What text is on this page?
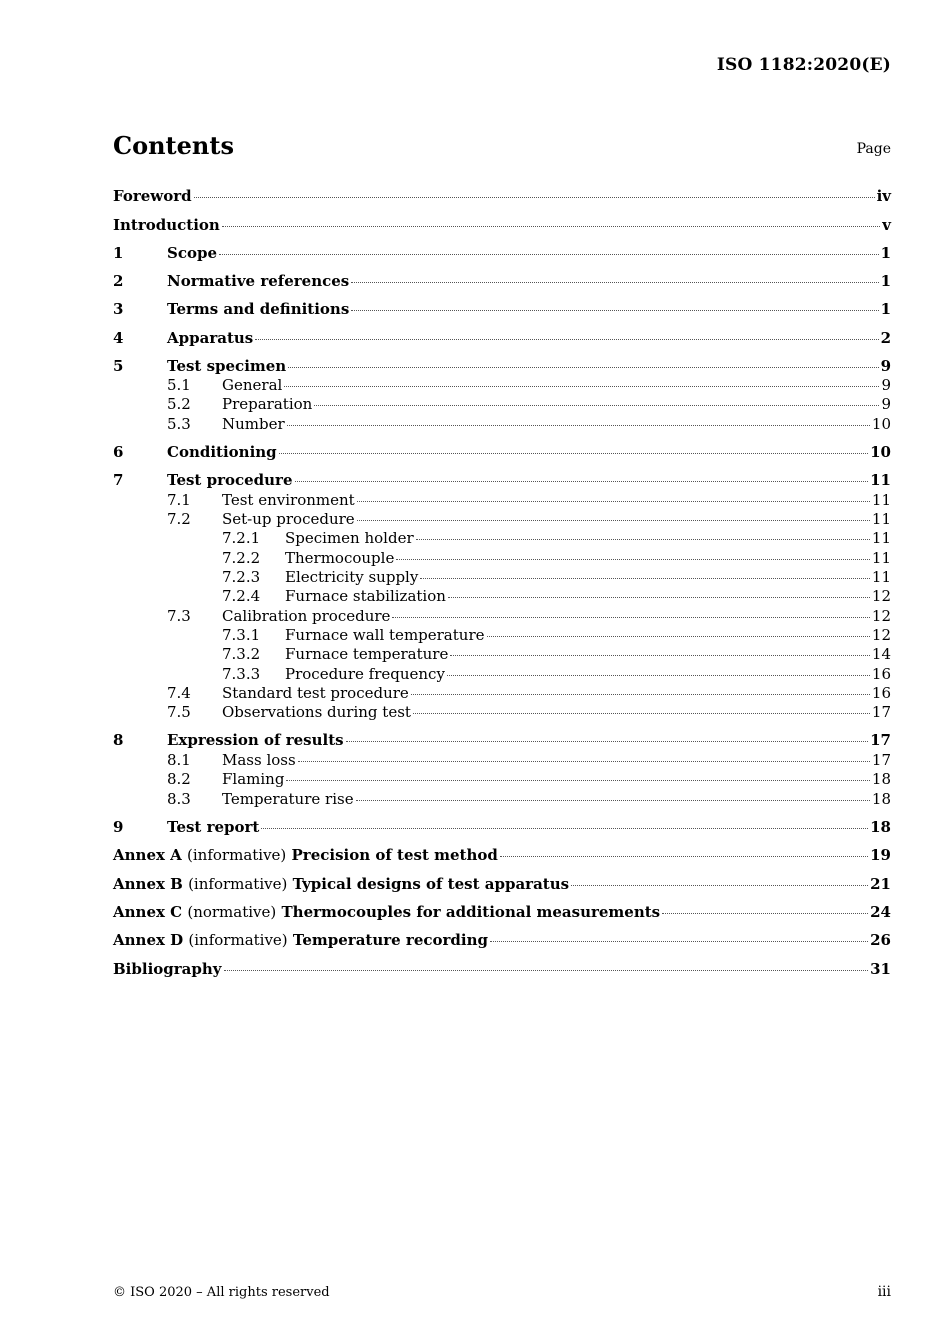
ISO 1182:2020(E)
Contents	Page
Foreword	iv
Introduction	v
1	Scope	1
2	Normative references	1
3	Terms and definitions	1
4	Apparatus	2
5	Test specimen	9
5.1	General	9
5.2	Preparation	9
5.3	Number	10
6	Conditioning	10
7	Test procedure	11
7.1	Test environment	11
7.2	Set-up procedure	11
7.2.1	Specimen holder	11
7.2.2	Thermocouple	11
7.2.3	Electricity supply	11
7.2.4	Furnace stabilization	12
7.3	Calibration procedure	12
7.3.1	Furnace wall temperature	12
7.3.2	Furnace temperature	14
7.3.3	Procedure frequency	16
7.4	Standard test procedure	16
7.5	Observations during test	17
8	Expression of results	17
8.1	Mass loss	17
8.2	Flaming	18
8.3	Temperature rise	18
9	Test report	18
Annex A (informative) Precision of test method	19
Annex B (informative) Typical designs of test apparatus	21
Annex C (normative) Thermocouples for additional measurements	24
Annex D (informative) Temperature recording	26
Bibliography	31
© ISO 2020 – All rights reserved	iii
